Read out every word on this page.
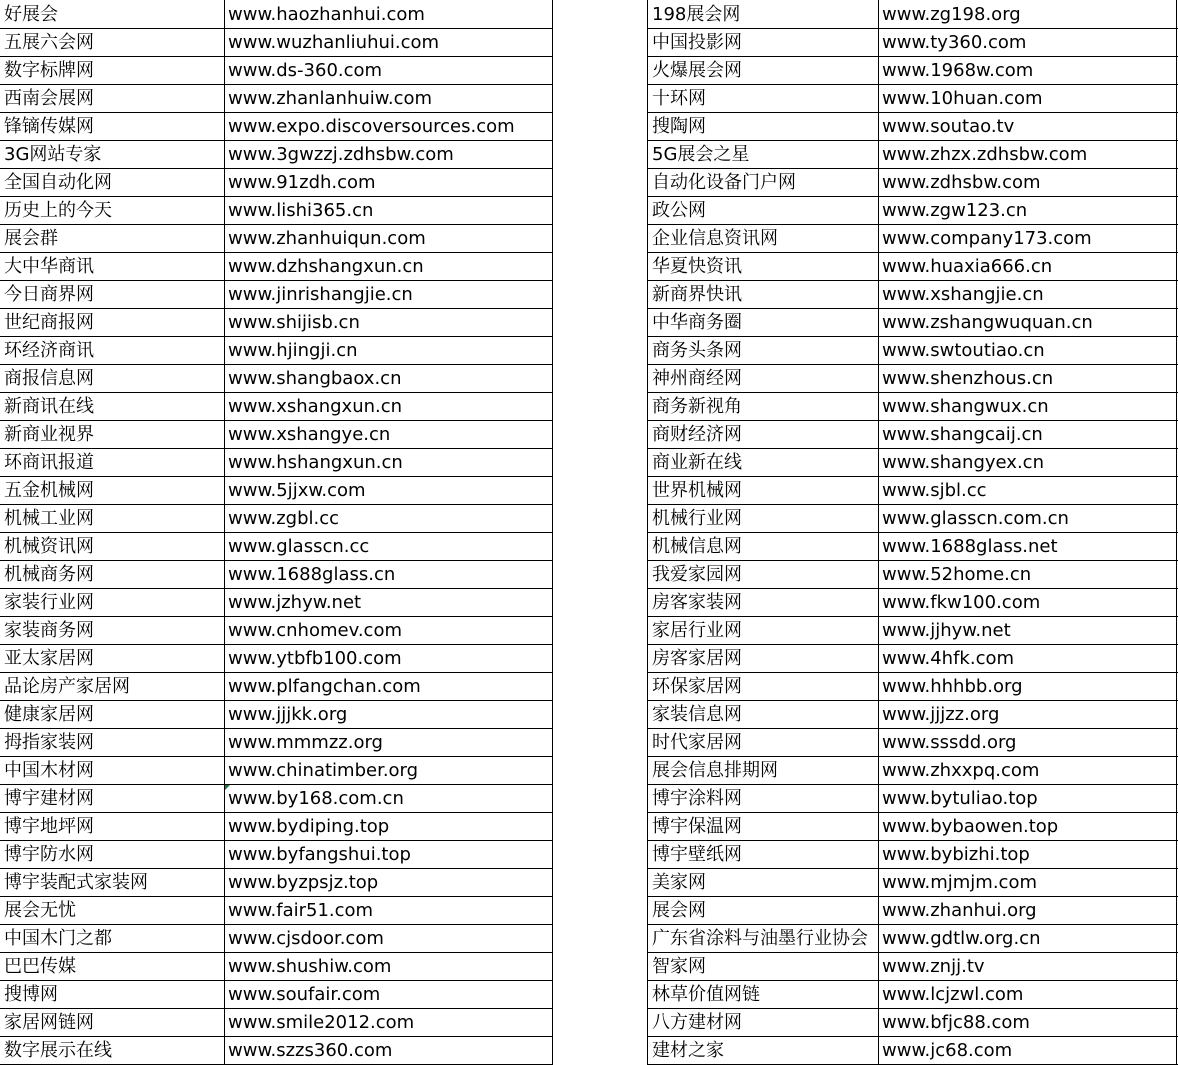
好展会	www.haozhanhui.com	198展会网	www.zg198.org
五展六会网	www.wuzhanliuhui.com	中国投影网	www.ty360.com
数字标牌网	www.ds-360.com	火爆展会网	www.1968w.com
西南会展网	www.zhanlanhuiw.com	十环网	www.10huan.com
锋镝传媒网	www.expo.discoversources.com	搜陶网	www.soutao.tv
3G网站专家	www.3gwzzj.zdhsbw.com	5G展会之星	www.zhzx.zdhsbw.com
全国自动化网	www.91zdh.com	自动化设备门户网	www.zdhsbw.com
历史上的今天	www.lishi365.cn	政公网	www.zgw123.cn
展会群	www.zhanhuiqun.com	企业信息资讯网	www.company173.com
大中华商讯	www.dzhshangxun.cn	华夏快资讯	www.huaxia666.cn
今日商界网	www.jinrishangjie.cn	新商界快讯	www.xshangjie.cn
世纪商报网	www.shijisb.cn	中华商务圈	www.zshangwuquan.cn
环经济商讯	www.hjingji.cn	商务头条网	www.swtoutiao.cn
商报信息网	www.shangbaox.cn	神州商经网	www.shenzhous.cn
新商讯在线	www.xshangxun.cn	商务新视角	www.shangwux.cn
新商业视界	www.xshangye.cn	商财经济网	www.shangcaij.cn
环商讯报道	www.hshangxun.cn	商业新在线	www.shangyex.cn
五金机械网	www.5jjxw.com	世界机械网	www.sjbl.cc
机械工业网	www.zgbl.cc	机械行业网	www.glasscn.com.cn
机械资讯网	www.glasscn.cc	机械信息网	www.1688glass.net
机械商务网	www.1688glass.cn	我爱家园网	www.52home.cn
家装行业网	www.jzhyw.net	房客家装网	www.fkw100.com
家装商务网	www.cnhomev.com	家居行业网	www.jjhyw.net
亚太家居网	www.ytbfb100.com	房客家居网	www.4hfk.com
品论房产家居网	www.plfangchan.com	环保家居网	www.hhhbb.org
健康家居网	www.jjjkk.org	家装信息网	www.jjjzz.org
拇指家装网	www.mmmzz.org	时代家居网	www.sssdd.org
中国木材网	www.chinatimber.org	展会信息排期网	www.zhxxpq.com
博宇建材网	www.by168.com.cn	博宇涂料网	www.bytuliao.top
博宇地坪网	www.bydiping.top	博宇保温网	www.bybaowen.top
博宇防水网	www.byfangshui.top	博宇壁纸网	www.bybizhi.top
博宇装配式家装网	www.byzpsjz.top	美家网	www.mjmjm.com
展会无忧	www.fair51.com	展会网	www.zhanhui.org
中国木门之都	www.cjsdoor.com	广东省涂料与油墨行业协会 www.gdtlw.org.cn
巴巴传媒	www.shushiw.com	智家网	www.znjj.tv
搜博网	www.soufair.com	林草价值网链	www.lcjzwl.com
家居网链网	www.smile2012.com	八方建材网	www.bfjc88.com
数字展示在线	www.szzs360.com	建材之家	www.jc68.com
